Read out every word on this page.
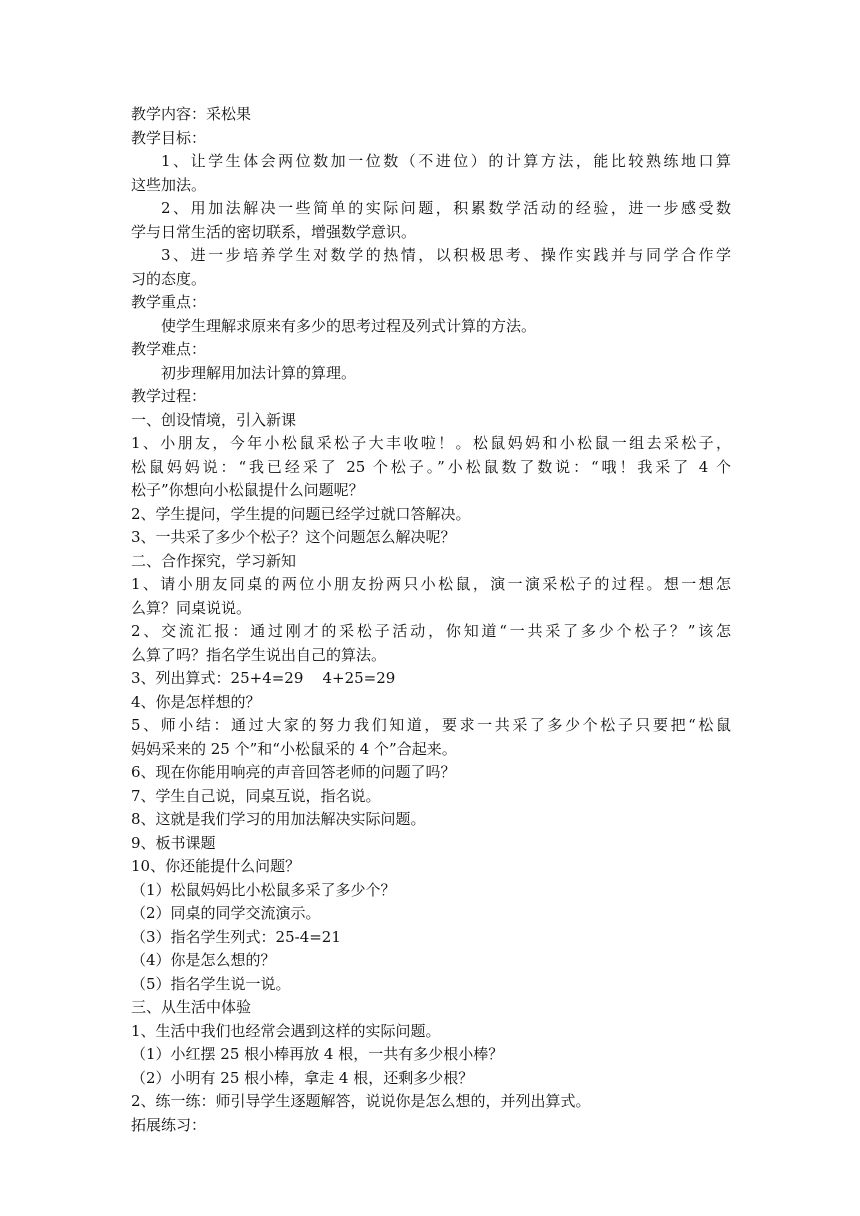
教学内容：采松果

教学目标：

1、让学生体会两位数加一位数（不进位）的计算方法，能比较熟练地口算

这些加法。

2、用加法解决一些简单的实际问题，积累数学活动的经验，进一步感受数

学与日常生活的密切联系，增强数学意识。

3、进一步培养学生对数学的热情，以积极思考、操作实践并与同学合作学

习的态度。

教学重点：

使学生理解求原来有多少的思考过程及列式计算的方法。

教学难点：

初步理解用加法计算的算理。

教学过程：

一、创设情境，引入新课

1、小朋友，今年小松鼠采松子大丰收啦！。松鼠妈妈和小松鼠一组去采松子，

松鼠妈妈说：“我已经采了 25 个松子。”小松鼠数了数说：“哦！我采了 4 个

松子”你想向小松鼠提什么问题呢？

2、学生提问，学生提的问题已经学过就口答解决。

3、一共采了多少个松子？这个问题怎么解决呢？

二、合作探究，学习新知

1、请小朋友同桌的两位小朋友扮两只小松鼠，演一演采松子的过程。想一想怎

么算？同桌说说。

2、交流汇报：通过刚才的采松子活动，你知道“一共采了多少个松子？”该怎

么算了吗？指名学生说出自己的算法。

3、列出算式：25+4=29    4+25=29

4、你是怎样想的？

5、师小结：通过大家的努力我们知道，要求一共采了多少个松子只要把“松鼠

妈妈采来的 25 个”和“小松鼠采的 4 个”合起来。

6、现在你能用响亮的声音回答老师的问题了吗？

7、学生自己说，同桌互说，指名说。

8、这就是我们学习的用加法解决实际问题。

9、板书课题

10、你还能提什么问题？

（1）松鼠妈妈比小松鼠多采了多少个？

（2）同桌的同学交流演示。

（3）指名学生列式：25-4=21

（4）你是怎么想的？

（5）指名学生说一说。

三、从生活中体验

1、生活中我们也经常会遇到这样的实际问题。

（1）小红摆 25 根小棒再放 4 根，一共有多少根小棒？

（2）小明有 25 根小棒，拿走 4 根，还剩多少根？

2、练一练：师引导学生逐题解答，说说你是怎么想的，并列出算式。

拓展练习：
